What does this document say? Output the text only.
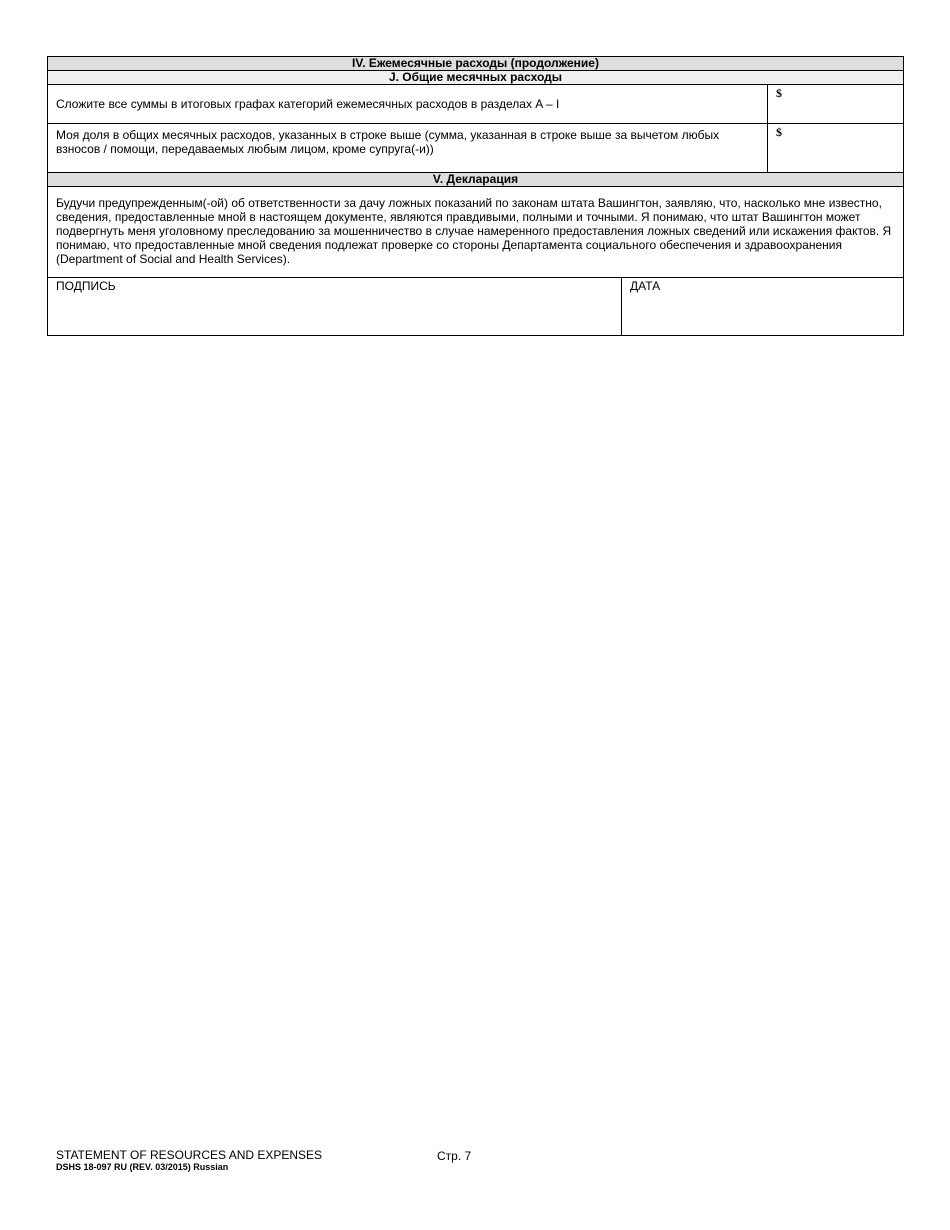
IV. Ежемесячные расходы (продолжение)		
J. Общие месячных расходы		
Сложите все суммы в итоговых графах категорий ежемесячных расходов в разделах A – I		$
Моя доля в общих месячных расходов, указанных в строке выше (сумма, указанная в строке выше за вычетом любых взносов / помощи, передаваемых любым лицом, кроме супруга(-и))		$
V. Декларация		
Будучи предупрежденным(-ой) об ответственности за дачу ложных показаний по законам штата Вашингтон, заявляю, что, насколько мне известно, сведения, предоставленные мной в настоящем документе, являются правдивыми, полными и точными. Я понимаю, что штат Вашингтон может подвергнуть меня уголовному преследованию за мошенничество в случае намеренного предоставления ложных сведений или искажения фактов. Я понимаю, что предоставленные мной сведения подлежат проверке со стороны Департамента социального обеспечения и здравоохранения (Department of Social and Health Services).		
ПОДПИСЬ	ДАТА	
STATEMENT OF RESOURCES AND EXPENSES
DSHS 18-097 RU (REV. 03/2015) Russian
Стр. 7
